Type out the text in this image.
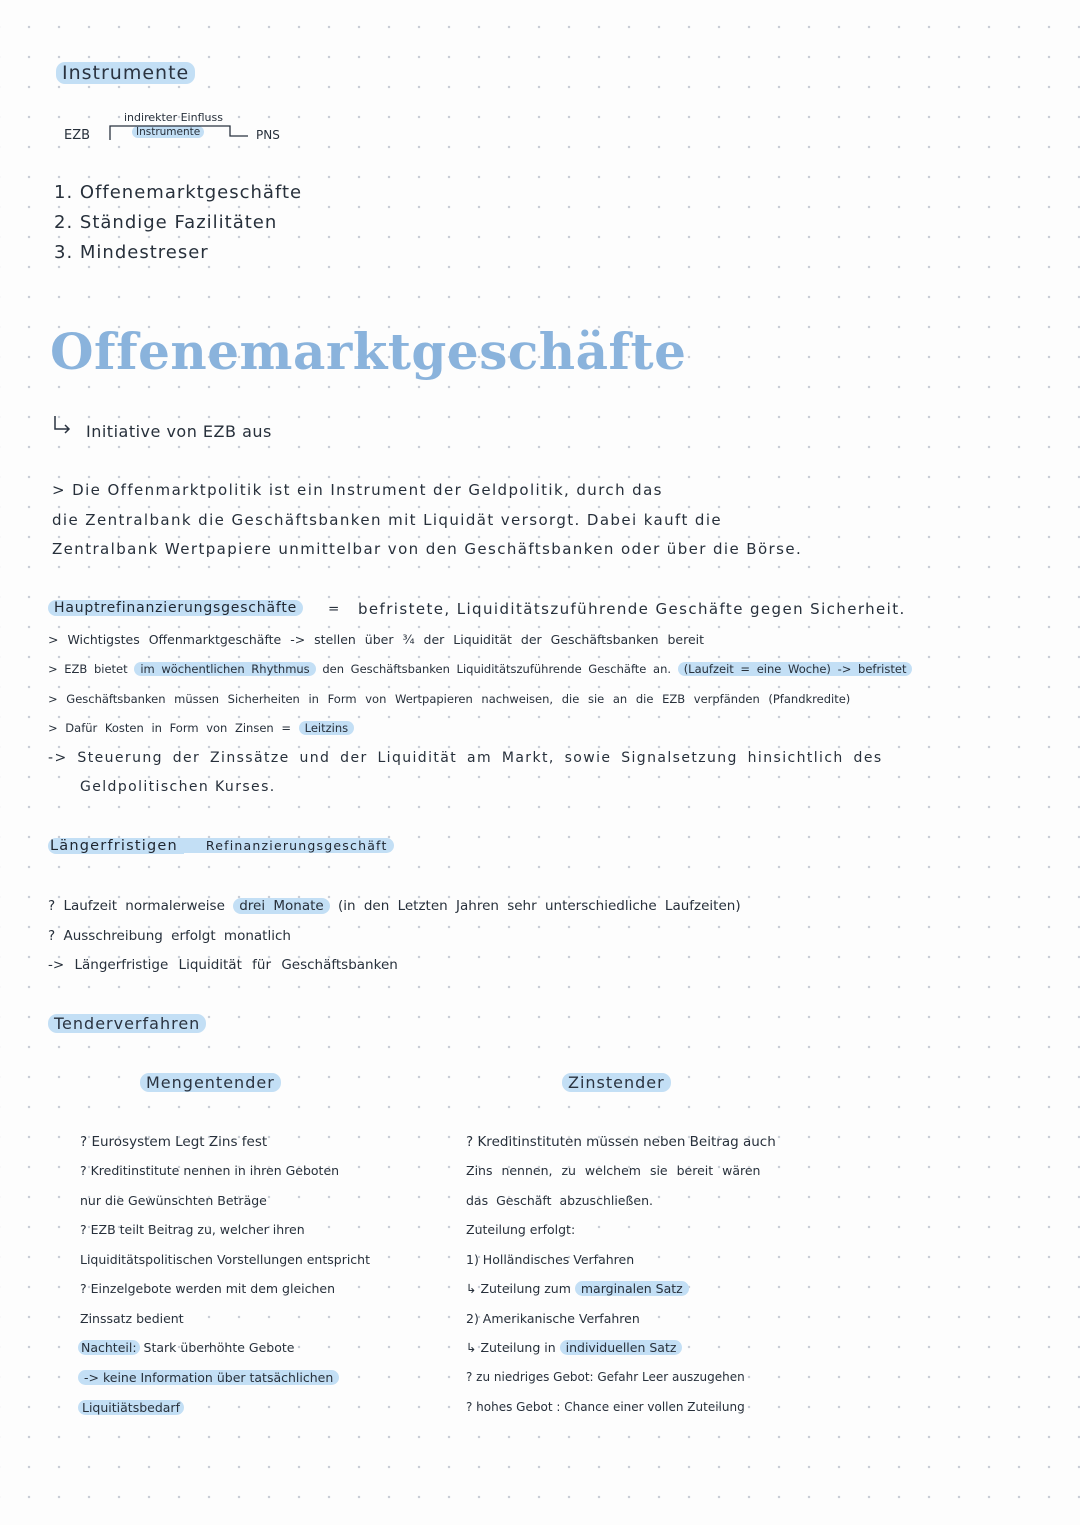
Instrumente
EZB
indirekter Einfluss
Instrumente	PNS
1. Offenemarktgeschäfte
2. Ständige Fazilitäten
3. Mindestreser
Offenemarktgeschäfte
Initiative von EZB aus
> Die Offenmarktpolitik ist ein Instrument der Geldpolitik, durch das
die Zentralbank die Geschäftsbanken mit Liquidät versorgt. Dabei kauft die
Zentralbank Wertpapiere unmittelbar von den Geschäftsbanken oder über die Börse.
Hauptrefinanzierungsgeschäfte	= befristete, Liquiditätszuführende Geschäfte gegen Sicherheit.
> Wichtigstes Offenmarktgeschäfte -> stellen über ¾ der Liquidität der Geschäftsbanken bereit
> EZB bietet im wöchentlichen Rhythmus den Geschäftsbanken Liquiditätszuführende Geschäfte an. (Laufzeit = eine Woche) -> befristet
> Geschäftsbanken müssen Sicherheiten in Form von Wertpapieren nachweisen, die sie an die EZB verpfänden (Pfandkredite)
> Dafür Kosten in Form von Zinsen = Leitzins
-> Steuerung der Zinssätze und der Liquidität am Markt, sowie Signalsetzung hinsichtlich des
Geldpolitischen Kurses.
Längerfristigen Refinanzierungsgeschäft
? Laufzeit normalerweise drei Monate (in den Letzten Jahren sehr unterschiedliche Laufzeiten)
? Ausschreibung erfolgt monatlich
-> Längerfristige Liquidität für Geschäftsbanken
Tenderverfahren
Mengentender
? Eurosystem Legt Zins fest
? Kreditinstitute nennen in ihren Geboten
nur die Gewünschten Beträge
? EZB teilt Beitrag zu, welcher ihren
Liquiditätspolitischen Vorstellungen entspricht
? Einzelgebote werden mit dem gleichen
Zinssatz bedient
Nachteil: Stark überhöhte Gebote
-> keine Information über tatsächlichen
Liquitiätsbedarf
Zinstender
? Kreditinstituten müssen neben Beitrag auch
Zins nennen, zu welchem sie bereit wären
das Geschäft abzuschließen.
Zuteilung erfolgt:
1) Holländisches Verfahren
↳ Zuteilung zum marginalen Satz
2) Amerikanische Verfahren
↳ Zuteilung in individuellen Satz
? zu niedriges Gebot: Gefahr Leer auszugehen
? hohes Gebot : Chance einer vollen Zuteilung
